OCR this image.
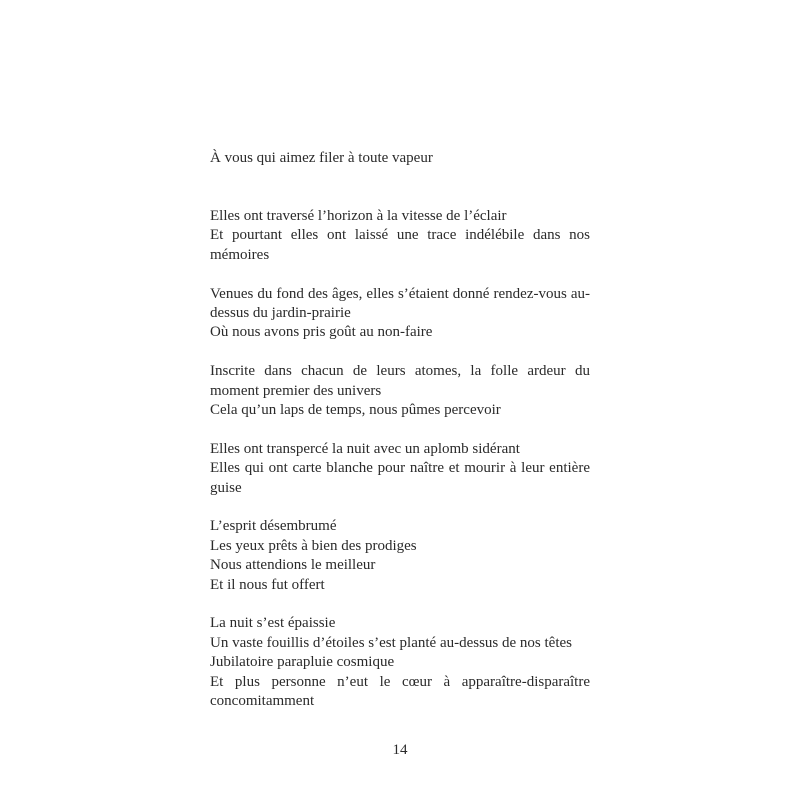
À vous qui aimez filer à toute vapeur
Elles ont traversé l’horizon à la vitesse de l’éclair
Et pourtant elles ont laissé une trace indélébile dans nos mémoires
Venues du fond des âges, elles s’étaient donné rendez-vous au-dessus du jardin-prairie
Où nous avons pris goût au non-faire
Inscrite dans chacun de leurs atomes, la folle ardeur du moment premier des univers
Cela qu’un laps de temps, nous pûmes percevoir
Elles ont transpercé la nuit avec un aplomb sidérant
Elles qui ont carte blanche pour naître et mourir à leur entière guise
L’esprit désembrumé
Les yeux prêts à bien des prodiges
Nous attendions le meilleur
Et il nous fut offert
La nuit s’est épaissie
Un vaste fouillis d’étoiles s’est planté au-dessus de nos têtes
Jubilatoire parapluie cosmique
Et plus personne n’eut le cœur à apparaître-disparaître concomitamment
14
